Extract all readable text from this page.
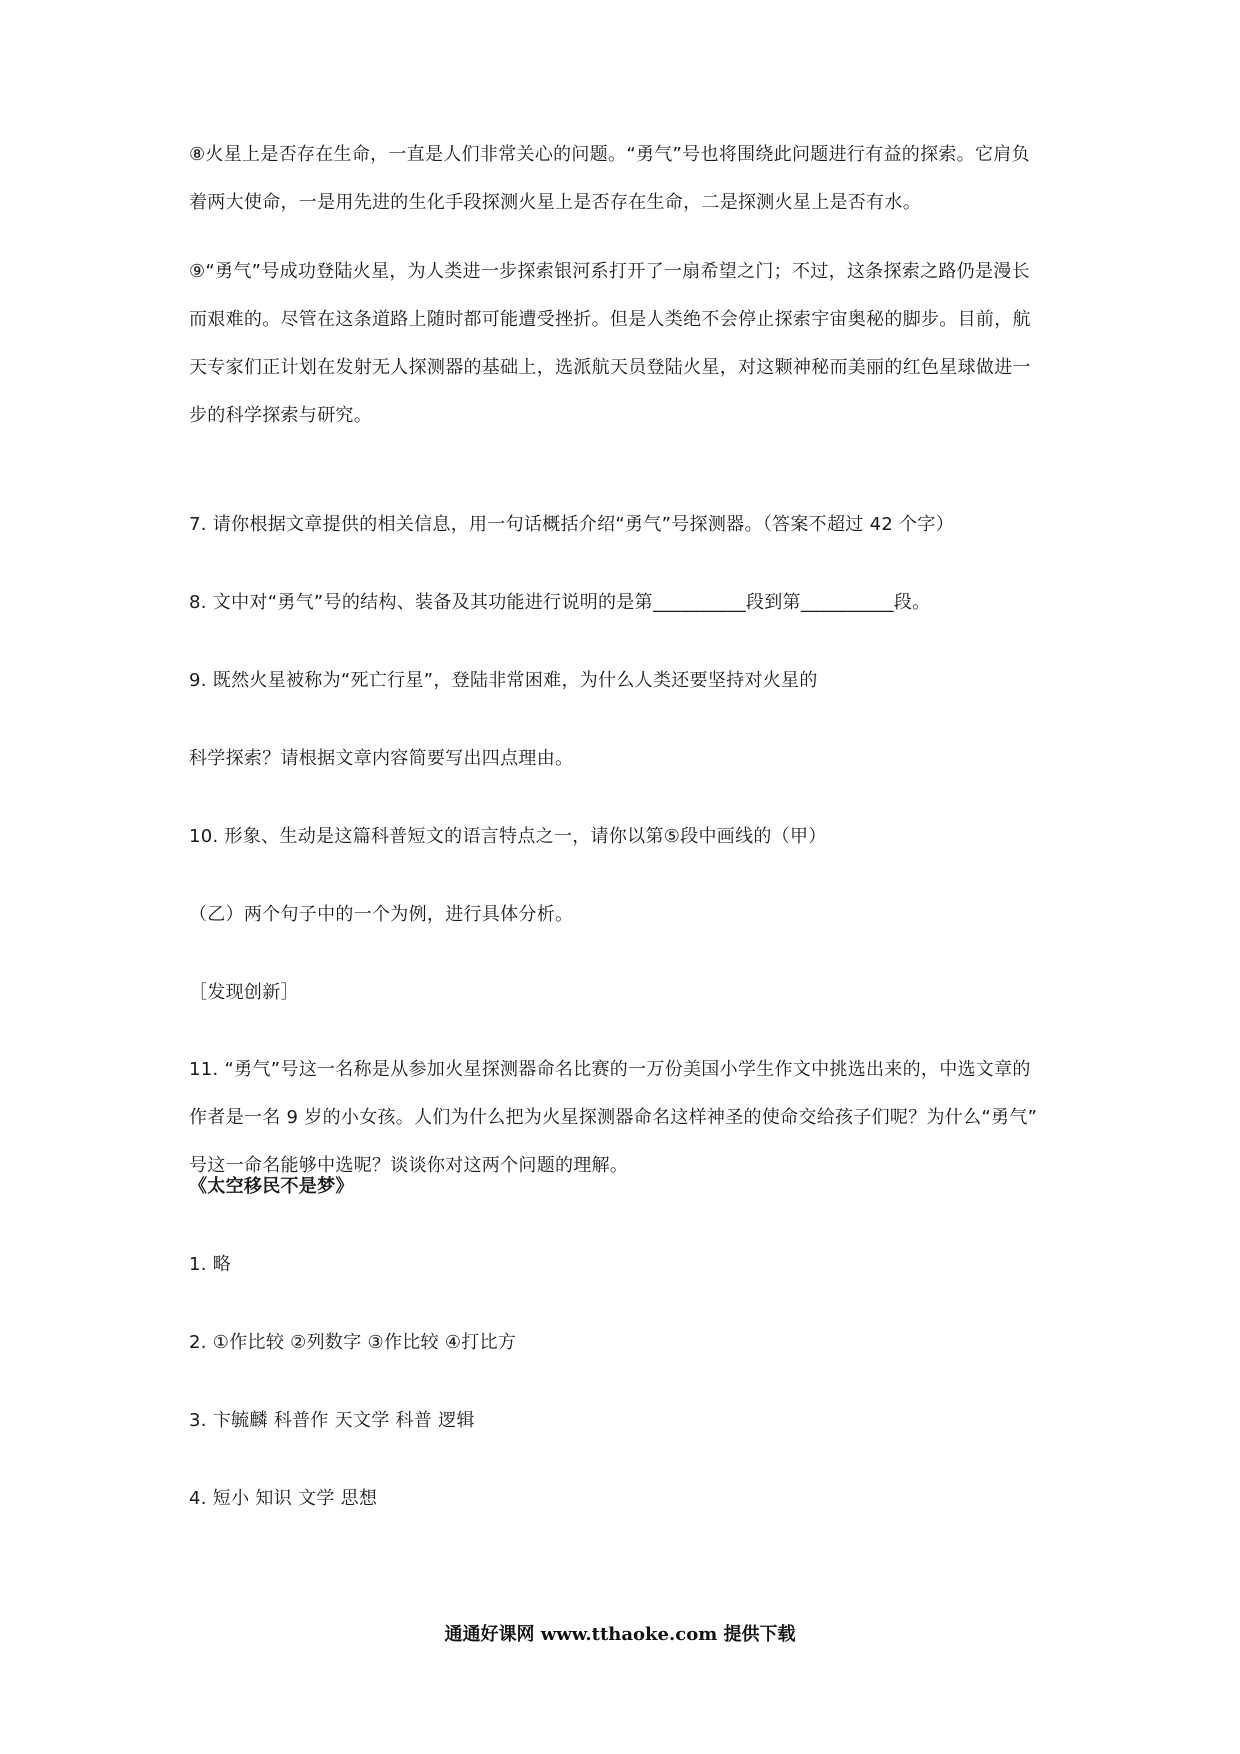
⑧火星上是否存在生命，一直是人们非常关心的问题。“勇气”号也将围绕此问题进行有益的探索。它肩负
着两大使命，一是用先进的生化手段探测火星上是否存在生命，二是探测火星上是否有水。
⑨“勇气”号成功登陆火星，为人类进一步探索银河系打开了一扇希望之门；不过，这条探索之路仍是漫长
而艰难的。尽管在这条道路上随时都可能遭受挫折。但是人类绝不会停止探索宇宙奥秘的脚步。目前，航
天专家们正计划在发射无人探测器的基础上，选派航天员登陆火星，对这颗神秘而美丽的红色星球做进一
步的科学探索与研究。
7. 请你根据文章提供的相关信息，用一句话概括介绍“勇气”号探测器。（答案不超过 42 个字）
8. 文中对“勇气”号的结构、装备及其功能进行说明的是第__________段到第__________段。
9. 既然火星被称为“死亡行星”，登陆非常困难，为什么人类还要坚持对火星的
科学探索？请根据文章内容简要写出四点理由。
10. 形象、生动是这篇科普短文的语言特点之一，请你以第⑤段中画线的（甲）
（乙）两个句子中的一个为例，进行具体分析。
［发现创新］
11. “勇气”号这一名称是从参加火星探测器命名比赛的一万份美国小学生作文中挑选出来的，中选文章的
作者是一名 9 岁的小女孩。人们为什么把为火星探测器命名这样神圣的使命交给孩子们呢？为什么“勇气”
号这一命名能够中选呢？谈谈你对这两个问题的理解。
《太空移民不是梦》
1. 略
2. ①作比较 ②列数字 ③作比较 ④打比方
3. 卞毓麟 科普作 天文学 科普 逻辑
4. 短小 知识 文学 思想
通通好课网 www.tthaoke.com 提供下载
